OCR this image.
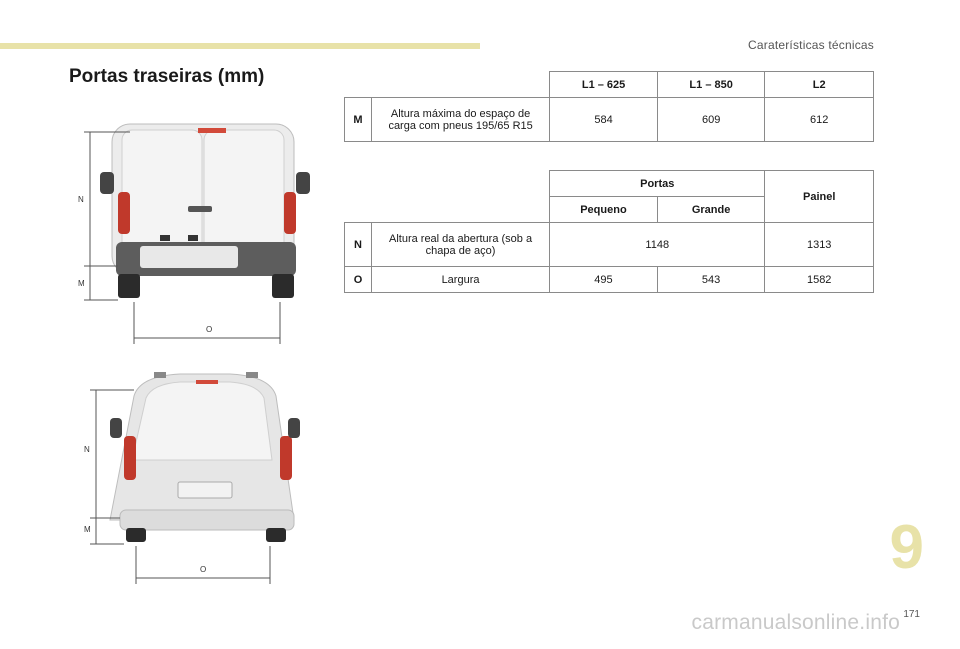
Caraterísticas técnicas
Portas traseiras (mm)
N
M
O
N
M
O
		L1 – 625	L1 – 850	L2
M	Altura máxima do espaço de carga com pneus 195/65 R15	584	609	612
		Portas		Painel
		Pequeno	Grande	
N	Altura real da abertura (sob a chapa de aço)	1148		1313
O	Largura	495	543	1582
9
171
carmanualsonline.info
